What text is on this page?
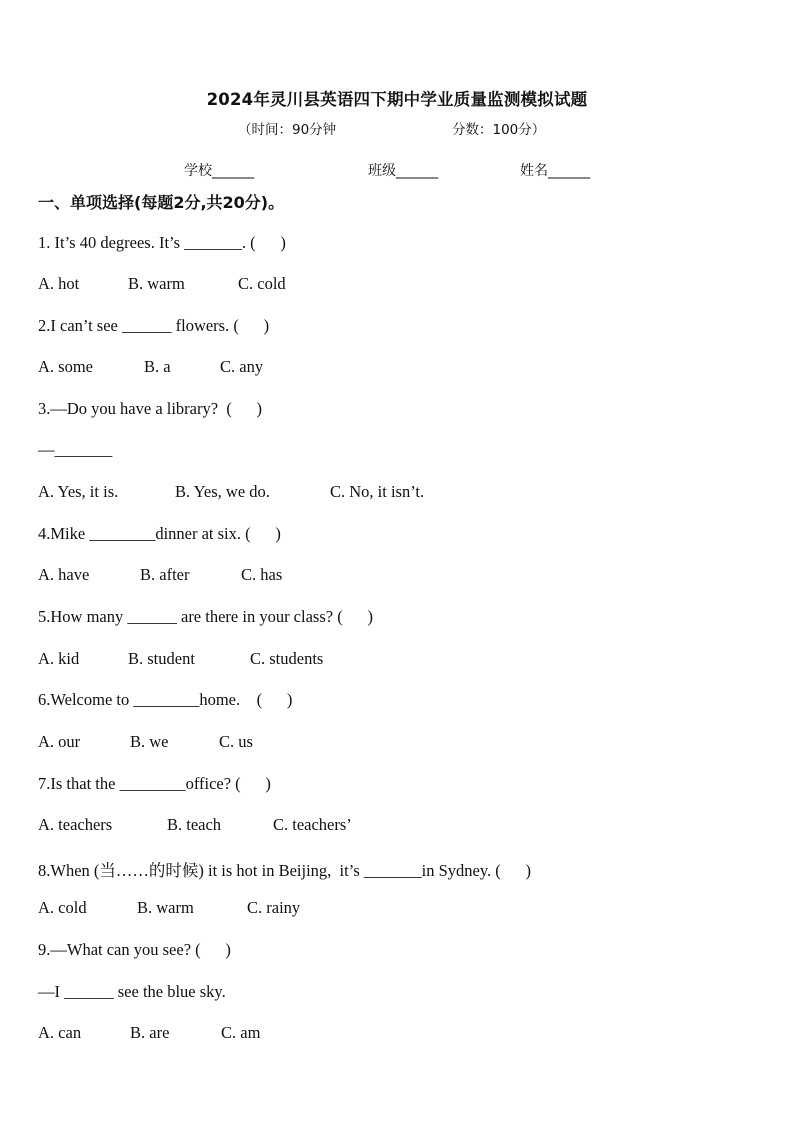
2024年灵川县英语四下期中学业质量监测模拟试题
（时间：90分钟	分数：100分）
学校______	班级______	姓名______
一、单项选择(每题2分,共20分)。
1. It’s 40 degrees. It’s _______. (      )
A. hot	B. warm	C. cold
2.I can’t see ______ flowers. (      )
A. some	B. a	C. any
3.—Do you have a library?  (      )
—_______
A. Yes, it is.	B. Yes, we do.	C. No, it isn’t.
4.Mike ________dinner at six. (      )
A. have	B. after	C. has
5.How many ______ are there in your class? (      )
A. kid	B. student	C. students
6.Welcome to ________home.    (      )
A. our	B. we	C. us
7.Is that the ________office? (      )
A. teachers	B. teach	C. teachers’
8.When (当……的时候) it is hot in Beijing,  it’s _______in Sydney. (      )
A. cold	B. warm	C. rainy
9.—What can you see? (      )
—I ______ see the blue sky.
A. can	B. are	C. am
